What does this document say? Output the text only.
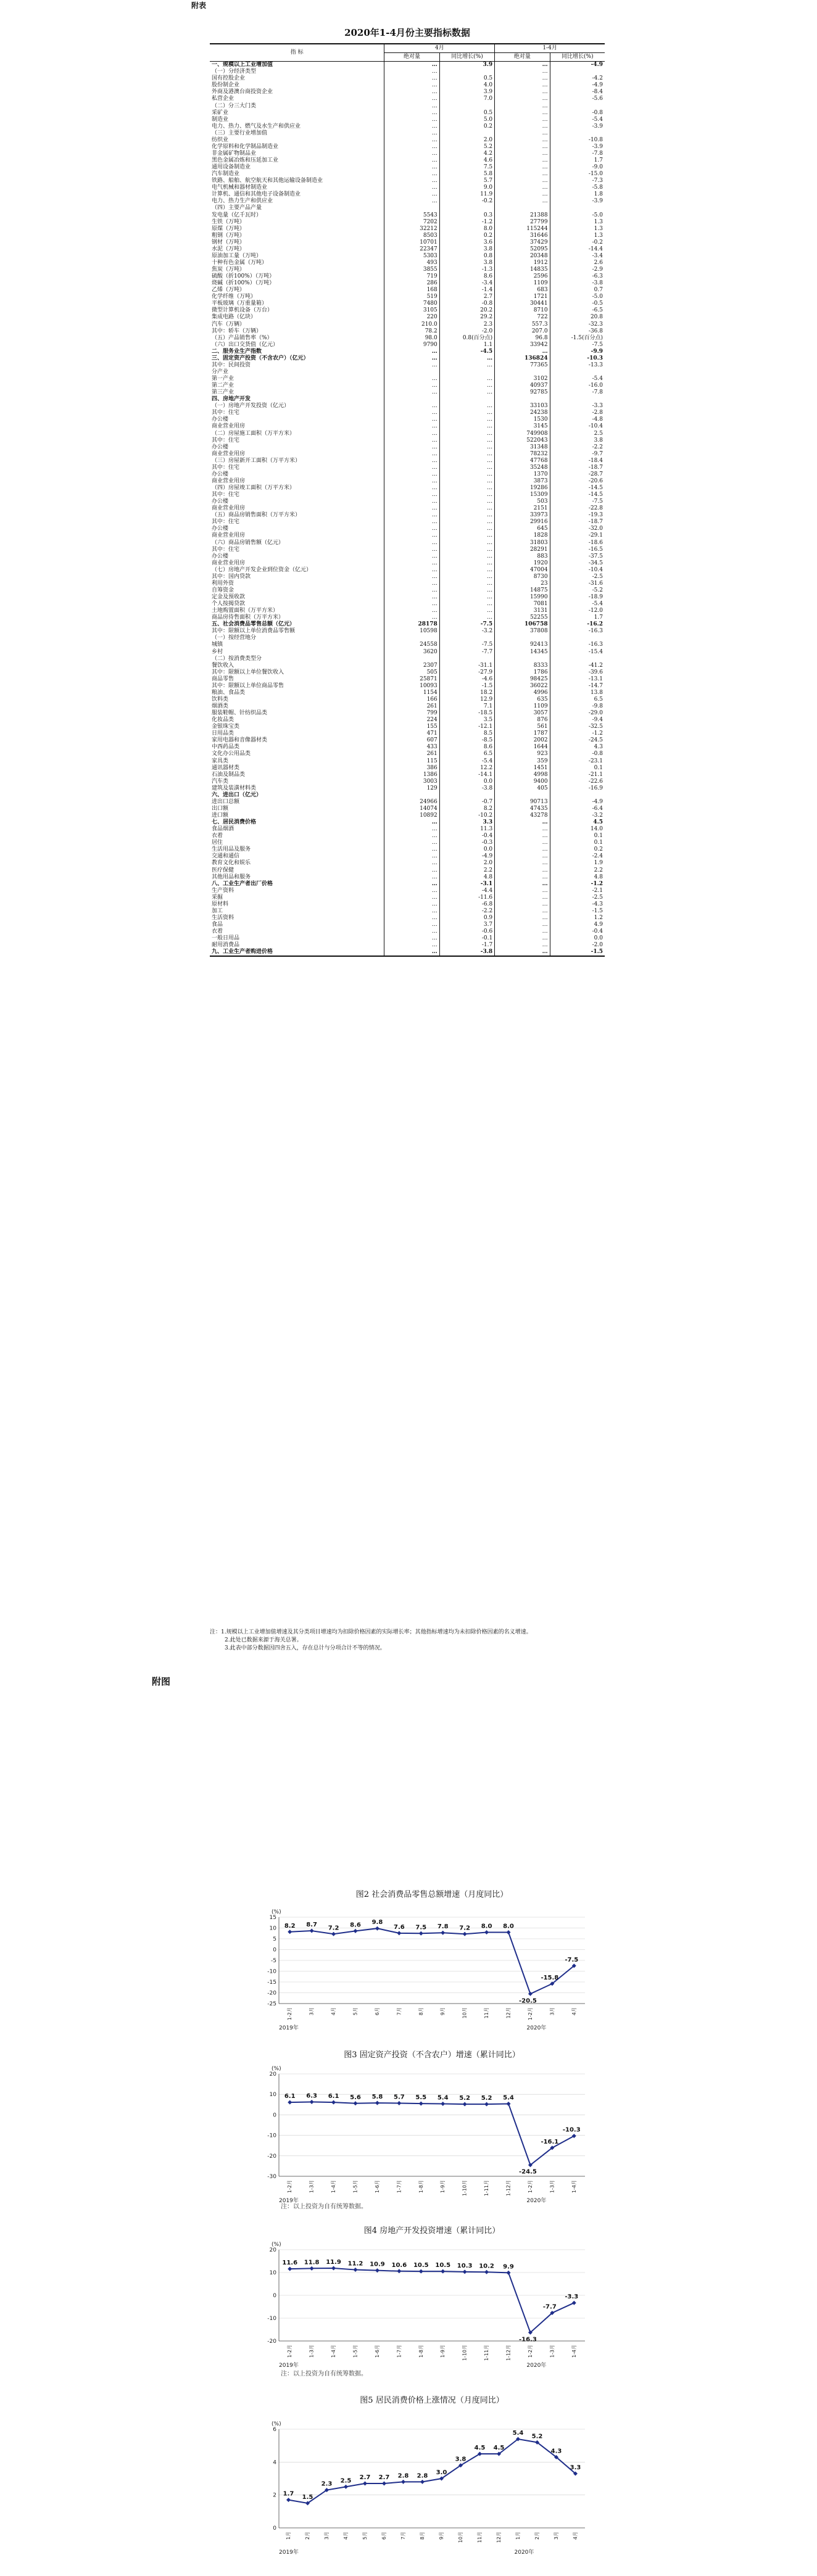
附表
2020年1-4月份主要指标数据
指 标	4月		1-4月	
	绝对量	同比增长(%)	绝对量	同比增长(%)
一、规模以上工业增加值	…	3.9	…	-4.9
（一）分经济类型	…		…	
国有控股企业	…	0.5	…	-4.2
股份制企业	…	4.0	…	-4.9
外商及港澳台商投资企业	…	3.9	…	-8.4
私营企业	…	7.0	…	-5.6
（二）分三大门类	…		…	
采矿业	…	0.5	…	-0.8
制造业	…	5.0	…	-5.4
电力、热力、燃气及水生产和供应业	…	0.2	…	-3.9
（三）主要行业增加值	…		…	
纺织业	…	2.0	…	-10.8
化学原料和化学制品制造业	…	5.2	…	-3.9
非金属矿物制品业	…	4.2	…	-7.8
黑色金属冶炼和压延加工业	…	4.6	…	1.7
通用设备制造业	…	7.5	…	-9.0
汽车制造业	…	5.8	…	-15.0
铁路、船舶、航空航天和其他运输设备制造业	…	5.7	…	-7.3
电气机械和器材制造业	…	9.0	…	-5.8
计算机、通信和其他电子设备制造业	…	11.9	…	1.8
电力、热力生产和供应业	…	-0.2	…	-3.9
（四）主要产品产量				
发电量（亿千瓦时）	5543	0.3	21388	-5.0
生铁（万吨）	7202	-1.2	27799	1.3
原煤（万吨）	32212	8.0	115244	1.3
粗钢（万吨）	8503	0.2	31646	1.3
钢材（万吨）	10701	3.6	37429	-0.2
水泥（万吨）	22347	3.8	52095	-14.4
原油加工量（万吨）	5303	0.8	20348	-3.4
十种有色金属（万吨）	493	3.8	1912	2.6
焦炭（万吨）	3855	-1.3	14835	-2.9
硫酸（折100%）（万吨）	719	8.6	2596	-6.3
烧碱（折100%）（万吨）	286	-3.4	1109	-3.8
乙烯（万吨）	168	-1.4	683	0.7
化学纤维（万吨）	519	2.7	1721	-5.0
平板玻璃（万重量箱）	7480	-0.8	30441	-0.5
微型计算机设备（万台）	3105	20.2	8710	-6.5
集成电路（亿块）	220	29.2	722	20.8
汽车（万辆）	210.0	2.3	557.3	-32.3
其中：轿车（万辆）	78.2	-2.0	207.0	-36.8
（五）产品销售率（%）	98.0	0.8(百分点)	96.8	-1.5(百分点)
（六）出口交货值（亿元）	9790	1.1	33942	-7.5
二、服务业生产指数	…	-4.5	…	-9.9
三、固定资产投资（不含农户）（亿元）	…	…	136824	-10.3
其中：民间投资	…	…	77365	-13.3
分产业				
第一产业	…	…	3102	-5.4
第二产业	…	…	40937	-16.0
第三产业	…	…	92785	-7.8
四、房地产开发				
（一）房地产开发投资（亿元）	…	…	33103	-3.3
其中：住宅	…	…	24238	-2.8
办公楼	…	…	1530	-4.8
商业营业用房	…	…	3145	-10.4
（二）房屋施工面积（万平方米）	…	…	749908	2.5
其中：住宅	…	…	522043	3.8
办公楼	…	…	31348	-2.2
商业营业用房	…	…	78232	-9.7
（三）房屋新开工面积（万平方米）	…	…	47768	-18.4
其中：住宅	…	…	35248	-18.7
办公楼	…	…	1370	-28.7
商业营业用房	…	…	3873	-20.6
（四）房屋竣工面积（万平方米）	…	…	19286	-14.5
其中：住宅	…	…	15309	-14.5
办公楼	…	…	503	-7.5
商业营业用房	…	…	2151	-22.8
（五）商品房销售面积（万平方米）	…	…	33973	-19.3
其中：住宅	…	…	29916	-18.7
办公楼	…	…	645	-32.0
商业营业用房	…	…	1828	-29.1
（六）商品房销售额（亿元）	…	…	31803	-18.6
其中：住宅	…	…	28291	-16.5
办公楼	…	…	883	-37.5
商业营业用房	…	…	1920	-34.5
（七）房地产开发企业到位资金（亿元）	…	…	47004	-10.4
其中：国内贷款	…	…	8730	-2.5
利用外资	…	…	23	-31.6
自筹资金	…	…	14875	-5.2
定金及预收款	…	…	15990	-18.9
个人按揭贷款	…	…	7081	-5.4
土地购置面积（万平方米）	…	…	3131	-12.0
商品房待售面积（万平方米）	…	…	52255	1.7
五、社会消费品零售总额（亿元）	28178	-7.5	106758	-16.2
其中：限额以上单位消费品零售额	10598	-3.2	37808	-16.3
（一）按经营地分				
城镇	24558	-7.5	92413	-16.3
乡村	3620	-7.7	14345	-15.4
（二）按消费类型分				
餐饮收入	2307	-31.1	8333	-41.2
其中：限额以上单位餐饮收入	505	-27.9	1786	-39.6
商品零售	25871	-4.6	98425	-13.1
其中：限额以上单位商品零售	10093	-1.5	36022	-14.7
粮油、食品类	1154	18.2	4996	13.8
饮料类	166	12.9	635	6.5
烟酒类	261	7.1	1109	-9.8
服装鞋帽、针纺织品类	799	-18.5	3057	-29.0
化妆品类	224	3.5	876	-9.4
金银珠宝类	155	-12.1	561	-32.5
日用品类	471	8.5	1787	-1.2
家用电器和音像器材类	607	-8.5	2002	-24.5
中西药品类	433	8.6	1644	4.3
文化办公用品类	261	6.5	923	-0.8
家具类	115	-5.4	359	-23.1
通讯器材类	386	12.2	1451	0.1
石油及制品类	1386	-14.1	4998	-21.1
汽车类	3003	0.0	9400	-22.6
建筑及装潢材料类	129	-3.8	405	-16.9
六、进出口（亿元）				
进出口总额	24966	-0.7	90713	-4.9
出口额	14074	8.2	47435	-6.4
进口额	10892	-10.2	43278	-3.2
七、居民消费价格	…	3.3	…	4.5
食品烟酒	…	11.3	…	14.0
衣着	…	-0.4	…	0.1
居住	…	-0.3	…	0.1
生活用品及服务	…	0.0	…	0.2
交通和通信	…	-4.9	…	-2.4
教育文化和娱乐	…	2.0	…	1.9
医疗保健	…	2.2	…	2.2
其他用品和服务	…	4.8	…	4.8
八、工业生产者出厂价格	…	-3.1	…	-1.2
生产资料	…	-4.4	…	-2.1
采掘	…	-11.6	…	-2.5
原材料	…	-6.8	…	-4.3
加工	…	-2.2	…	-1.5
生活资料	…	0.9	…	1.2
食品	…	3.7	…	4.9
衣着	…	-0.6	…	-0.4
一般日用品	…	-0.1	…	0.0
耐用消费品	…	-1.7	…	-2.0
九、工业生产者购进价格	…	-3.8	…	-1.5
注：1.规模以上工业增加值增速及其分类项目增速均为扣除价格因素的实际增长率；其他指标增速均为未扣除价格因素的名义增速。
2.此处已数据来源于海关总署。
3.此表中部分数据因四舍五入，存在总计与分项合计不等的情况。
附图
图2 社会消费品零售总额增速（月度同比）
(%)
15
10
5
0
-5
-10
-15
-20
-25
8.2
1-2月
8.7
3月
7.2
4月
8.6
5月
9.8
6月
7.6
7月
7.5
8月
7.8
9月
7.2
10月
8.0
11月
8.0
12月
-20.5
1-2月
-15.8
3月
-7.5
4月
2019年	2020年
图3 固定资产投资（不含农户）增速（累计同比）
(%)
20
10
0
-10
-20
-30
6.1
1-2月
6.3
1-3月
6.1
1-4月
5.6
1-5月
5.8
1-6月
5.7
1-7月
5.5
1-8月
5.4
1-9月
5.2
1-10月
5.2
1-11月
5.4
1-12月
-24.5
1-2月
-16.1
1-3月
-10.3
1-4月
2019年	2020年
注：以上投资为自有统筹数据。
图4 房地产开发投资增速（累计同比）
(%)
20
10
0
-10
-20
11.6
1-2月
11.8
1-3月
11.9
1-4月
11.2
1-5月
10.9
1-6月
10.6
1-7月
10.5
1-8月
10.5
1-9月
10.3
1-10月
10.2
1-11月
9.9
1-12月
-16.3
1-2月
-7.7
1-3月
-3.3
1-4月
2019年	2020年
注：以上投资为自有统筹数据。
图5 居民消费价格上涨情况（月度同比）
(%)
6
4
2
0
1.7
1月
1.5
2月
2.3
3月
2.5
4月
2.7
5月
2.7
6月
2.8
7月
2.8
8月
3.0
9月
3.8
10月
4.5
11月
4.5
12月
5.4
1月
5.2
2月
4.3
3月
3.3
4月
2019年	2020年
